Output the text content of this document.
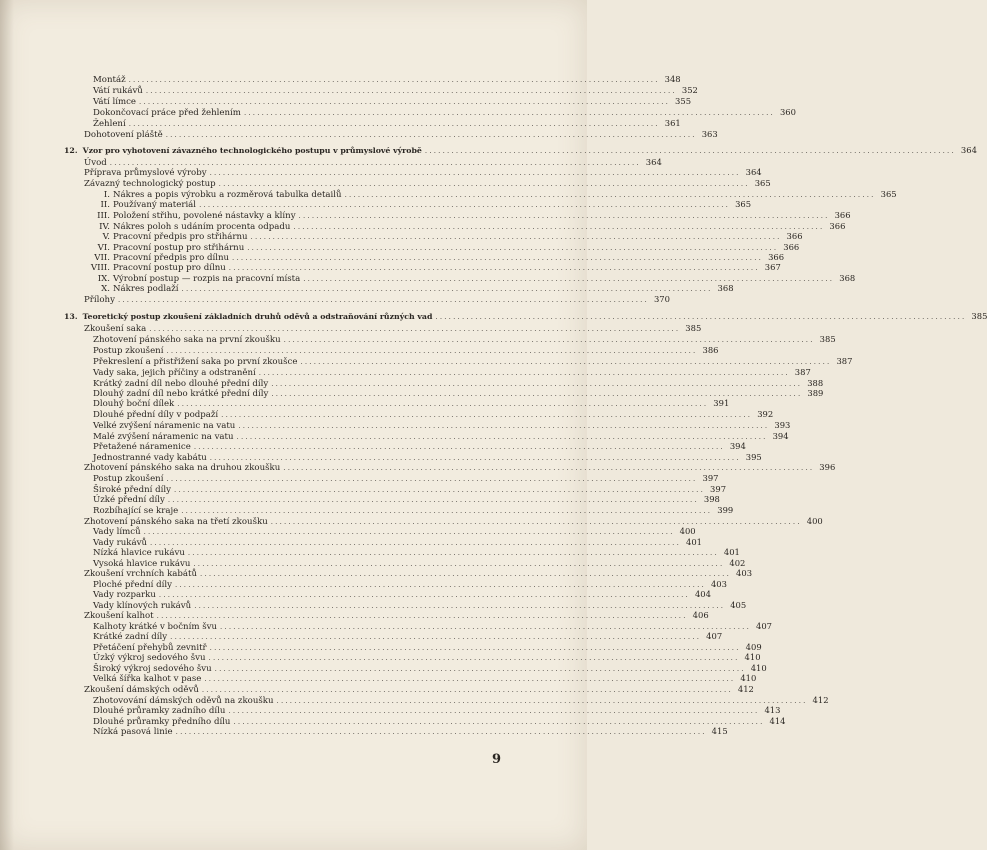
Montáž ........................................................................................................................ 348
Vátí rukávů ........................................................................................................................ 352
Vátí límce ........................................................................................................................ 355
Dokončovací práce před žehlením ........................................................................................................................ 360
Žehlení ........................................................................................................................ 361
Dohotovení pláště ........................................................................................................................ 363
12. Vzor pro vyhotovení závazného technologického postupu v průmyslové výrobě ........................................................................................................................ 364
Úvod ........................................................................................................................ 364
Příprava průmyslové výroby ........................................................................................................................ 364
Závazný technologický postup ........................................................................................................................ 365
I. Nákres a popis výrobku a rozměrová tabulka detailů ........................................................................................................................ 365
II. Používaný materiál ........................................................................................................................ 365
III. Položení střihu, povolené nástavky a klíny ........................................................................................................................ 366
IV. Nákres poloh s udáním procenta odpadu ........................................................................................................................ 366
V. Pracovní předpis pro střihárnu ........................................................................................................................ 366
VI. Pracovní postup pro střihárnu ........................................................................................................................ 366
VII. Pracovní předpis pro dílnu ........................................................................................................................ 366
VIII. Pracovní postup pro dílnu ........................................................................................................................ 367
IX. Výrobní postup — rozpis na pracovní místa ........................................................................................................................ 368
X. Nákres podlaží ........................................................................................................................ 368
Přílohy ........................................................................................................................ 370
13. Teoretický postup zkoušení základních druhů oděvů a odstraňování různých vad ........................................................................................................................ 385
Zkoušení saka ........................................................................................................................ 385
Zhotovení pánského saka na první zkoušku ........................................................................................................................ 385
Postup zkoušení ........................................................................................................................ 386
Překreslení a přistřižení saka po první zkoušce ........................................................................................................................ 387
Vady saka, jejich příčiny a odstranění ........................................................................................................................ 387
Krátký zadní díl nebo dlouhé přední díly ........................................................................................................................ 388
Dlouhý zadní díl nebo krátké přední díly ........................................................................................................................ 389
Dlouhý boční dílek ........................................................................................................................ 391
Dlouhé přední díly v podpaží ........................................................................................................................ 392
Velké zvýšení náramenic na vatu ........................................................................................................................ 393
Malé zvýšení náramenic na vatu ........................................................................................................................ 394
Přetažené náramenice ........................................................................................................................ 394
Jednostranné vady kabátu ........................................................................................................................ 395
Zhotovení pánského saka na druhou zkoušku ........................................................................................................................ 396
Postup zkoušení ........................................................................................................................ 397
Široké přední díly ........................................................................................................................ 397
Úzké přední díly ........................................................................................................................ 398
Rozbíhající se kraje ........................................................................................................................ 399
Zhotovení pánského saka na třetí zkoušku ........................................................................................................................ 400
Vady límců ........................................................................................................................ 400
Vady rukávů ........................................................................................................................ 401
Nízká hlavice rukávu ........................................................................................................................ 401
Vysoká hlavice rukávu ........................................................................................................................ 402
Zkoušení vrchních kabátů ........................................................................................................................ 403
Ploché přední díly ........................................................................................................................ 403
Vady rozparku ........................................................................................................................ 404
Vady klínových rukávů ........................................................................................................................ 405
Zkoušení kalhot ........................................................................................................................ 406
Kalhoty krátké v bočním švu ........................................................................................................................ 407
Krátké zadní díly ........................................................................................................................ 407
Přetáčení přehybů zevnitř ........................................................................................................................ 409
Úzký výkroj sedového švu ........................................................................................................................ 410
Široký výkroj sedového švu ........................................................................................................................ 410
Velká šířka kalhot v pase ........................................................................................................................ 410
Zkoušení dámských oděvů ........................................................................................................................ 412
Zhotovování dámských oděvů na zkoušku ........................................................................................................................ 412
Dlouhé průramky zadního dílu ........................................................................................................................ 413
Dlouhé průramky předního dílu ........................................................................................................................ 414
Nízká pasová linie ........................................................................................................................ 415
9
